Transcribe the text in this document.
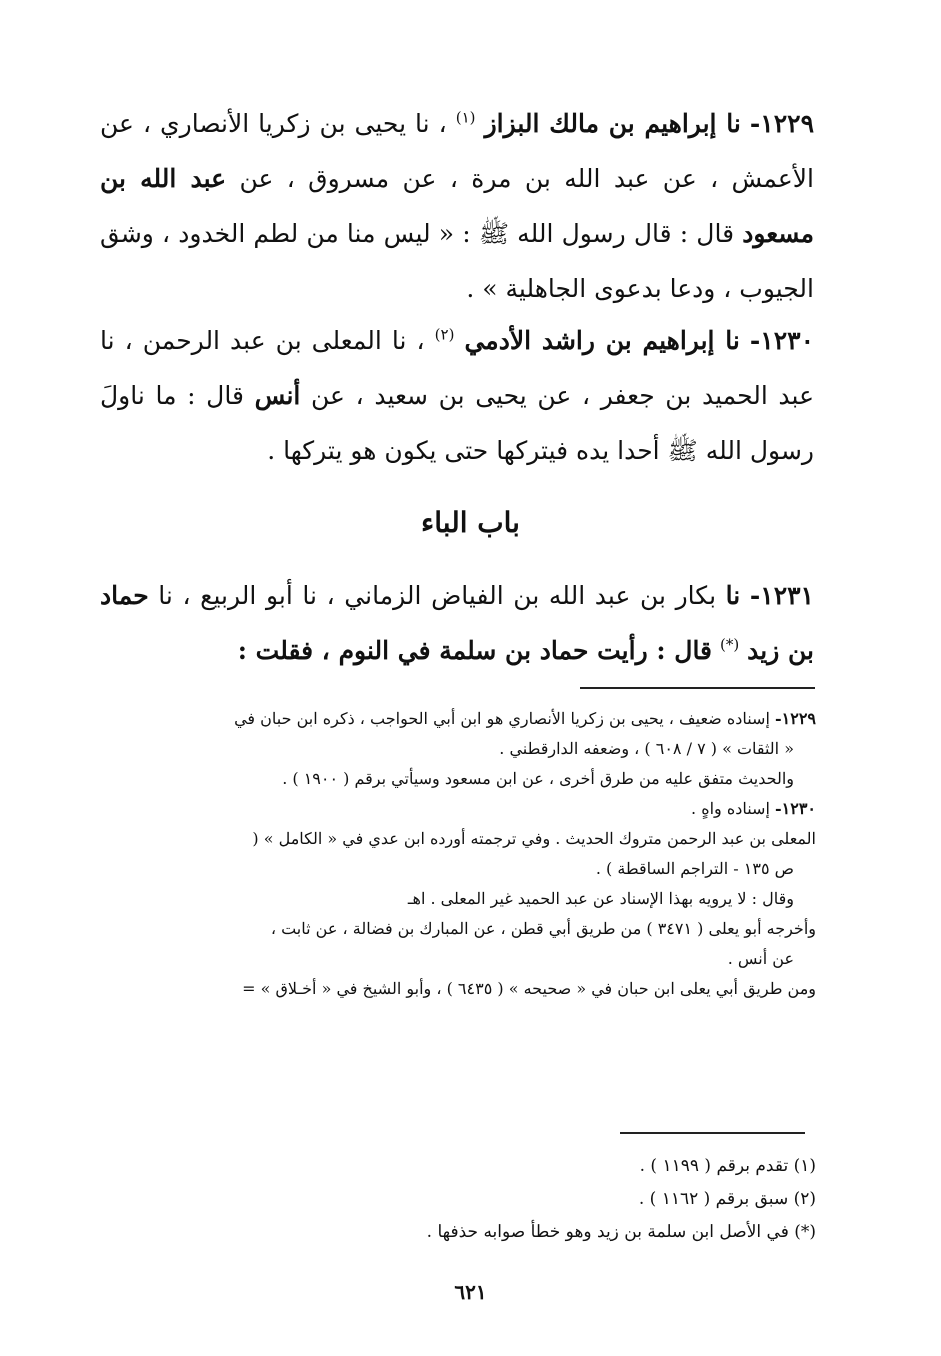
١٢٢٩- نا إبراهيم بن مالك البزاز $^{(١)}$ ، نا يحيى بن زكريا الأنصاري ، عن الأعمش ، عن عبد الله بن مرة ، عن مسروق ، عن عبد الله بن مسعود قال : قال رسول الله ﷺ : « ليس منا من لطم الخدود ، وشق الجيوب ، ودعا بدعوى الجاهلية » .
١٢٣٠- نا إبراهيم بن راشد الأدمي $^{(٢)}$ ، نا المعلى بن عبد الرحمن ، نا عبد الحميد بن جعفر ، عن يحيى بن سعيد ، عن أنس قال : ما ناولَ رسول الله ﷺ أحدا يده فيتركها حتى يكون هو يتركها .
باب الباء
١٢٣١- نا بكار بن عبد الله بن الفياض الزماني ، نا أبو الربيع ، نا حماد بن زيد (*) قال : رأيت حماد بن سلمة في النوم ، فقلت :
١٢٢٩- إسناده ضعيف ، يحيى بن زكريا الأنصاري هو ابن أبي الحواجب ، ذكره ابن حبان في
« الثقات » ( ٧ / ٦٠٨ ) ، وضعفه الدارقطني .
والحديث متفق عليه من طرق أخرى ، عن ابن مسعود وسيأتي برقم ( ١٩٠٠ ) .
١٢٣٠- إسناده واهٍ .
المعلى بن عبد الرحمن متروك الحديث . وفي ترجمته أورده ابن عدي في « الكامل » (
ص ١٣٥ - التراجم الساقطة ) .
وقال : لا يرويه بهذا الإسناد عن عبد الحميد غير المعلى . اهـ
وأخرجه أبو يعلى ( ٣٤٧١ ) من طريق أبي قطن ، عن المبارك بن فضالة ، عن ثابت ،
عن أنس .
ومن طريق أبي يعلى ابن حبان في « صحيحه » ( ٦٤٣٥ ) ، وأبو الشيخ في « أخـلاق » =
(١) تقدم برقم ( ١١٩٩ ) .
(٢) سبق برقم ( ١١٦٢ ) .
(*) في الأصل ابن سلمة بن زيد وهو خطأ صوابه حذفها .
٦٢١
